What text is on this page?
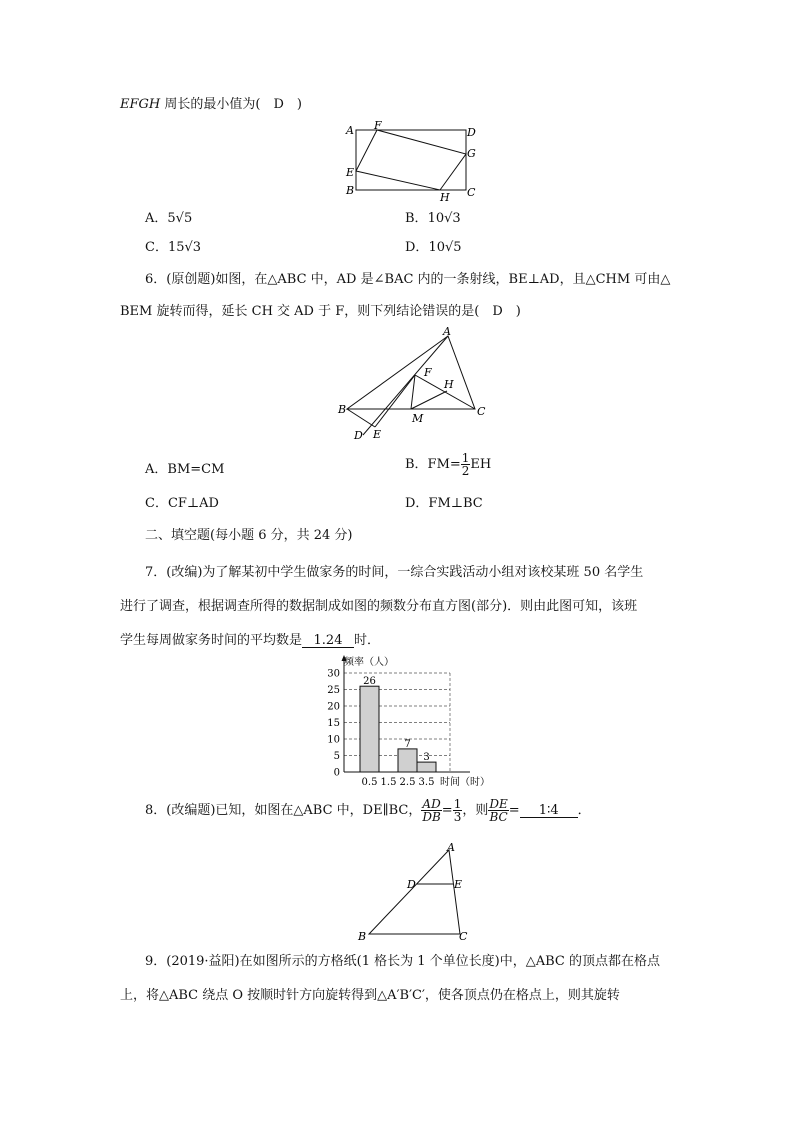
EFGH 周长的最小值为(　D　)
A F
D
G
E
B
H C
A．5√5	B．10√3
C．15√3	D．10√5
6．(原创题)如图，在△ABC 中，AD 是∠BAC 内的一条射线，BE⊥AD，且△CHM 可由△
BEM 旋转而得，延长 CH 交 AD 于 F，则下列结论错误的是(　D　)
A
F
H
B
M
C
D E
A．BM=CM	B．$FM= \frac{1}{2}$ EH
C．CF⊥AD	D．FM⊥BC
二、填空题(每小题 6 分，共 24 分)
7．(改编)为了解某初中学生做家务的时间，一综合实践活动小组对该校某班 50 名学生
进行了调查，根据调查所得的数据制成如图的频数分布直方图(部分)．则由此图可知，该班
学生每周做家务时间的平均数是 1.24 时．
0
5
10
15
20
25
30
0.5 1.5 2.5 3.5
26
7
3
频率（人）
时间（时）
8．(改编题)已知，如图在△ABC 中，DE∥BC， $\frac{AD}{DB} = \frac{1}{3}$ ，则 $\frac{DE}{BC}$ = 1∶4 ．
A
D	E
B	C
9．(2019·益阳)在如图所示的方格纸(1 格长为 1 个单位长度)中，△ABC 的顶点都在格点
上，将△ABC 绕点 O 按顺时针方向旋转得到△A′B′C′，使各顶点仍在格点上，则其旋转
